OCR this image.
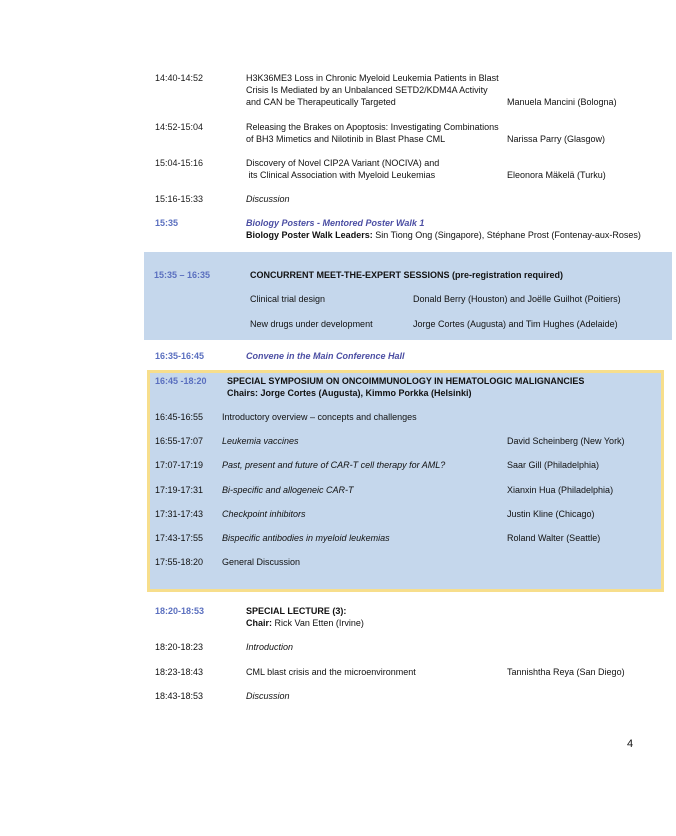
14:40-14:52	H3K36ME3 Loss in Chronic Myeloid Leukemia Patients in Blast
Crisis Is Mediated by an Unbalanced SETD2/KDM4A Activity
and CAN be Therapeutically Targeted	Manuela Mancini (Bologna)
14:52-15:04	Releasing the Brakes on Apoptosis: Investigating Combinations
of BH3 Mimetics and Nilotinib in Blast Phase CML	Narissa Parry (Glasgow)
15:04-15:16	Discovery of Novel CIP2A Variant (NOCIVA) and
its Clinical Association with Myeloid Leukemias	Eleonora Mäkelä (Turku)
15:16-15:33	Discussion
15:35	Biology Posters - Mentored Poster Walk 1
Biology Poster Walk Leaders: Sin Tiong Ong (Singapore), Stéphane Prost (Fontenay-aux-Roses)
15:35 – 16:35	CONCURRENT MEET-THE-EXPERT SESSIONS (pre-registration required)
Clinical trial design	Donald Berry (Houston) and Joëlle Guilhot (Poitiers)
New drugs under development	Jorge Cortes (Augusta) and Tim Hughes (Adelaide)
16:35-16:45	Convene in the Main Conference Hall
16:45 -18:20 SPECIAL SYMPOSIUM ON ONCOIMMUNOLOGY IN HEMATOLOGIC MALIGNANCIES
Chairs: Jorge Cortes (Augusta), Kimmo Porkka (Helsinki)
16:45-16:55 Introductory overview – concepts and challenges
16:55-17:07 Leukemia vaccines	David Scheinberg (New York)
17:07-17:19 Past, present and future of CAR-T cell therapy for AML?	Saar Gill (Philadelphia)
17:19-17:31 Bi-specific and allogeneic CAR-T	Xianxin Hua (Philadelphia)
17:31-17:43 Checkpoint inhibitors	Justin Kline (Chicago)
17:43-17:55 Bispecific antibodies in myeloid leukemias	Roland Walter (Seattle)
17:55-18:20 General Discussion
18:20-18:53	SPECIAL LECTURE (3):
Chair: Rick Van Etten (Irvine)
18:20-18:23	Introduction
18:23-18:43	CML blast crisis and the microenvironment	Tannishtha Reya (San Diego)
18:43-18:53	Discussion
4
